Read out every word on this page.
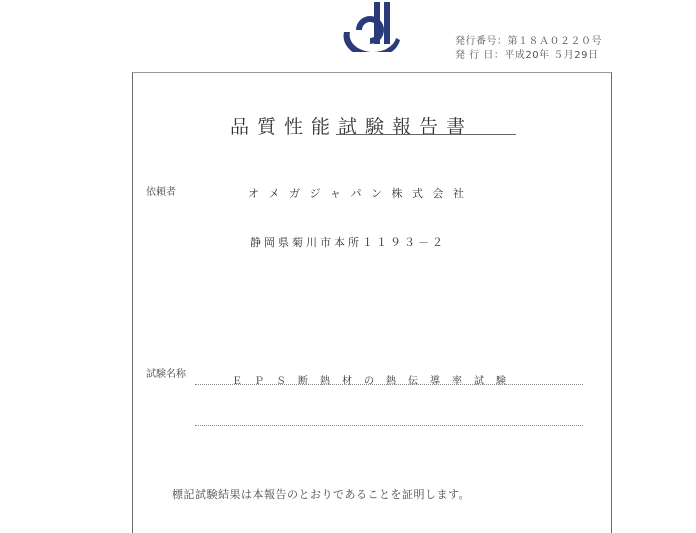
発行番号：第１８Ａ０２２０号
発 行 日：平成20年 ５月29日
品質性能試験報告書
依頼者	オ メ ガ ジ ャ パ ン 株 式 会 社
静岡県菊川市本所１１９３－２
試験名称
Ｅ　Ｐ　Ｓ　断　熱　材　の　熱　伝　導　率　試　験
標記試験結果は本報告のとおりであることを証明します。
